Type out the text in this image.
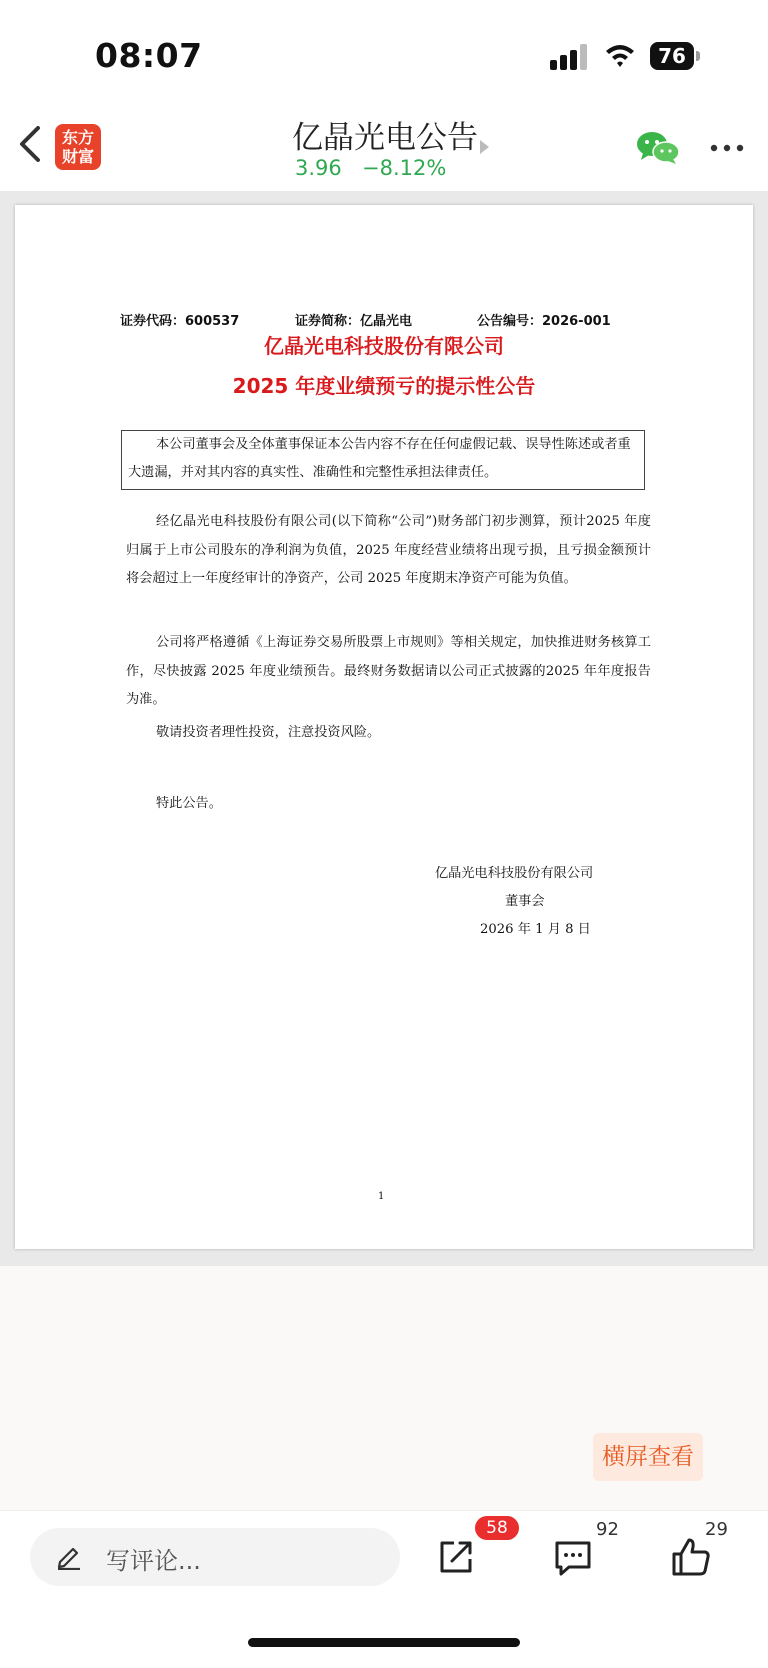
08:07	76
东方
财富
亿晶光电公告
3.96 −8.12%
证券代码：600537	证券简称：亿晶光电	公告编号：2026-001
亿晶光电科技股份有限公司
2025 年度业绩预亏的提示性公告
本公司董事会及全体董事保证本公告内容不存在任何虚假记载、误导性陈述或者重大遗漏，并对其内容的真实性、准确性和完整性承担法律责任。
经亿晶光电科技股份有限公司(以下简称“公司”)财务部门初步测算，预计2025 年度归属于上市公司股东的净利润为负值，2025 年度经营业绩将出现亏损，且亏损金额预计将会超过上一年度经审计的净资产，公司 2025 年度期末净资产可能为负值。
公司将严格遵循《上海证券交易所股票上市规则》等相关规定，加快推进财务核算工作，尽快披露 2025 年度业绩预告。最终财务数据请以公司正式披露的2025 年年度报告为准。
敬请投资者理性投资，注意投资风险。
特此公告。
亿晶光电科技股份有限公司
董事会
2026 年 1 月 8 日
1
横屏查看
写评论...
58	92	29
